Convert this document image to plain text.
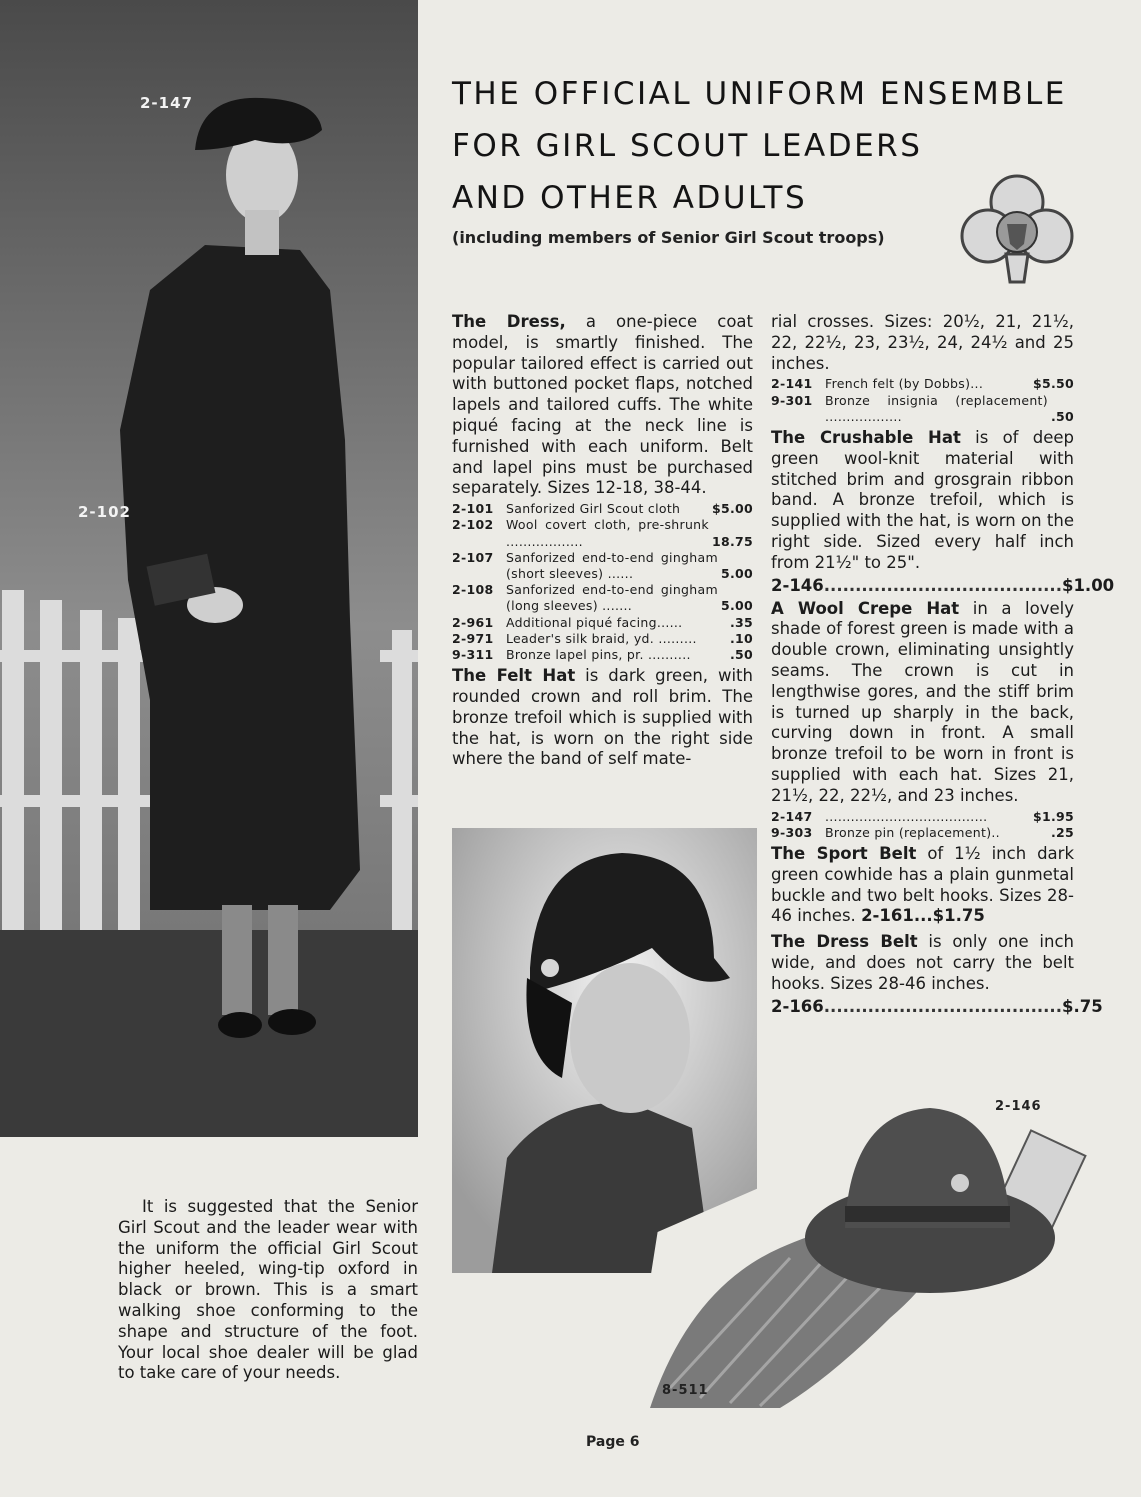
2-147
2-102
THE OFFICIAL UNIFORM ENSEMBLE
FOR GIRL SCOUT LEADERS
AND OTHER ADULTS
(including members of Senior Girl Scout troops)

The Dress, a one-piece coat model, is smartly finished. The popular tailored effect is carried out with buttoned pocket flaps, notched lapels and tailored cuffs. The white piqué facing at the neck line is furnished with each uniform. Belt and lapel pins must be purchased separately. Sizes 12-18, 38-44.

2-101	Sanforized Girl Scout cloth	$5.00
2-102	Wool covert cloth, pre-shrunk ..................	18.75
2-107	Sanforized end-to-end gingham (short sleeves) ......	5.00
2-108	Sanforized end-to-end gingham (long sleeves) .......	5.00
2-961	Additional piqué facing......	.35
2-971	Leader's silk braid, yd. .........	.10
9-311	Bronze lapel pins, pr. ..........	.50

The Felt Hat is dark green, with rounded crown and roll brim. The bronze trefoil which is supplied with the hat, is worn on the right side where the band of self mate-

rial crosses. Sizes: 20½, 21, 21½, 22, 22½, 23, 23½, 24, 24½ and 25 inches.

2-141	French felt (by Dobbs)...	$5.50
9-301	Bronze insignia (replacement) ..................	.50

The Crushable Hat is of deep green wool-knit material with stitched brim and grosgrain ribbon band. A bronze trefoil, which is supplied with the hat, is worn on the right side. Sized every half inch from 21½" to 25".

2-146 ...................................... $1.00

A Wool Crepe Hat in a lovely shade of forest green is made with a double crown, eliminating unsightly seams. The crown is cut in lengthwise gores, and the stiff brim is turned up sharply in the back, curving down in front. A small bronze trefoil to be worn in front is supplied with each hat. Sizes 21, 21½, 22, 22½, and 23 inches.

2-147	......................................	$1.95
9-303	Bronze pin (replacement)..	.25

The Sport Belt of 1½ inch dark green cowhide has a plain gunmetal buckle and two belt hooks. Sizes 28-46 inches. 2-161...$1.75

The Dress Belt is only one inch wide, and does not carry the belt hooks. Sizes 28-46 inches.

2-166 ...................................... $.75
2-146
8-511

It is suggested that the Senior Girl Scout and the leader wear with the uniform the official Girl Scout higher heeled, wing-tip oxford in black or brown. This is a smart walking shoe conforming to the shape and structure of the foot. Your local shoe dealer will be glad to take care of your needs.

Page 6
